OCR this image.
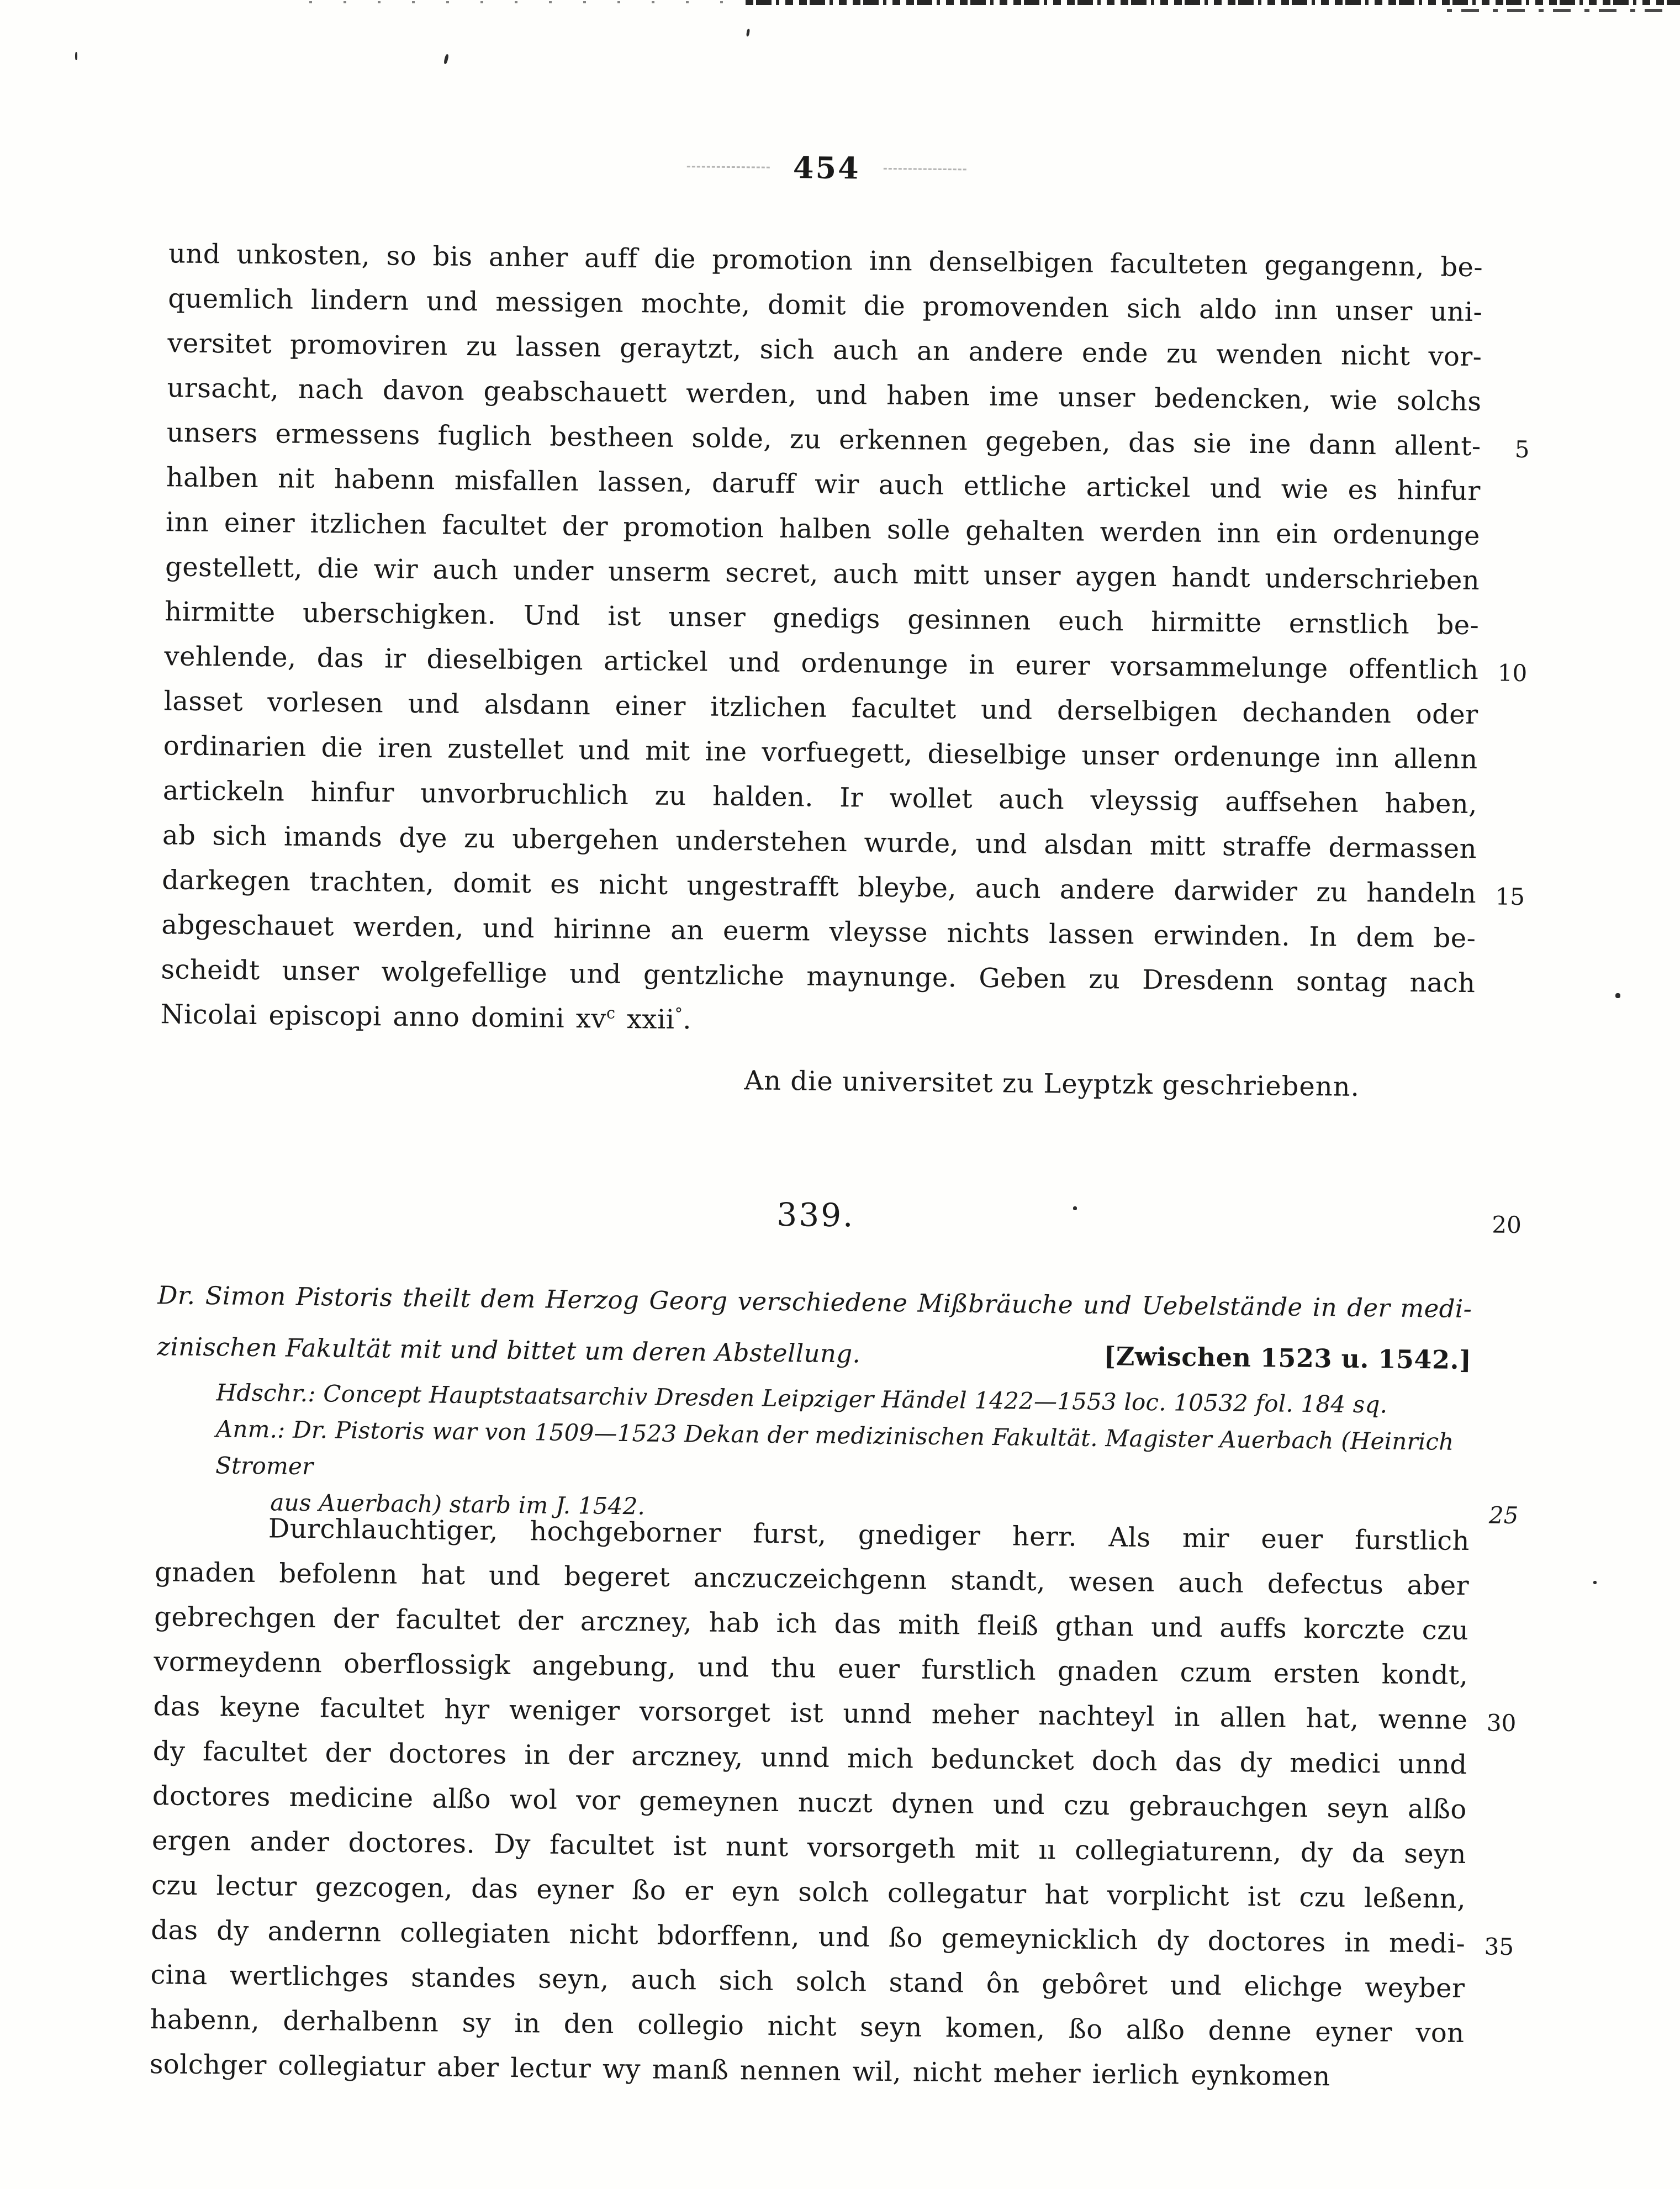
454
und unkosten, so bis anher auff die promotion inn denselbigen faculteten gegangenn, be-
quemlich lindern und messigen mochte, domit die promovenden sich aldo inn unser uni-
versitet promoviren zu lassen geraytzt, sich auch an andere ende zu wenden nicht vor-
ursacht, nach davon geabschauett werden, und haben ime unser bedencken, wie solchs
unsers ermessens fuglich bestheen solde, zu erkennen gegeben, das sie ine dann allent- 5
halben nit habenn misfallen lassen, daruff wir auch ettliche artickel und wie es hinfur
inn einer itzlichen facultet der promotion halben solle gehalten werden inn ein ordenunge
gestellett, die wir auch under unserm secret, auch mitt unser aygen handt underschrieben
hirmitte uberschigken. Und ist unser gnedigs gesinnen euch hirmitte ernstlich be-
vehlende, das ir dieselbigen artickel und ordenunge in eurer vorsammelunge offentlich 10
lasset vorlesen und alsdann einer itzlichen facultet und derselbigen dechanden oder
ordinarien die iren zustellet und mit ine vorfuegett, dieselbige unser ordenunge inn allenn
artickeln hinfur unvorbruchlich zu halden. Ir wollet auch vleyssig auffsehen haben,
ab sich imands dye zu ubergehen understehen wurde, und alsdan mitt straffe dermassen
darkegen trachten, domit es nicht ungestrafft bleybe, auch andere darwider zu handeln 15
abgeschauet werden, und hirinne an euerm vleysse nichts lassen erwinden. In dem be-
scheidt unser wolgefellige und gentzliche maynunge. Geben zu Dresdenn sontag nach
Nicolai episcopi anno domini $xv^c$ xxii°.
An die universitet zu Leyptzk geschriebenn.
339.	20
Dr. Simon Pistoris theilt dem Herzog Georg verschiedene Mißbräuche und Uebelstände in der medi-
zinischen Fakultät mit und bittet um deren Abstellung.	[Zwischen 1523 u. 1542.]
Hdschr.: Concept Hauptstaatsarchiv Dresden Leipziger Händel 1422—1553 loc. 10532 fol. 184 sq.
Anm.: Dr. Pistoris war von 1509—1523 Dekan der medizinischen Fakultät. Magister Auerbach (Heinrich Stromer
aus Auerbach) starb im J. 1542.	25
Durchlauchtiger, hochgeborner furst, gnediger herr. Als mir euer furstlich
gnaden befolenn hat und begeret anczuczeichgenn standt, wesen auch defectus aber
gebrechgen der facultet der arczney, hab ich das mith fleiß gthan und auffs korczte czu
vormeydenn oberflossigk angebung, und thu euer furstlich gnaden czum ersten kondt,
das keyne facultet hyr weniger vorsorget ist unnd meher nachteyl in allen hat, wenne 30
dy facultet der doctores in der arczney, unnd mich beduncket doch das dy medici unnd
doctores medicine alßo wol vor gemeynen nuczt dynen und czu gebrauchgen seyn alßo
ergen ander doctores. Dy facultet ist nunt vorsorgeth mit ıı collegiaturenn, dy da seyn
czu lectur gezcogen, das eyner ßo er eyn solch collegatur hat vorplicht ist czu leßenn,
das dy andernn collegiaten nicht bdorffenn, und ßo gemeynicklich dy doctores in medi- 35
cina wertlichges standes seyn, auch sich solch stand ôn gebôret und elichge weyber
habenn, derhalbenn sy in den collegio nicht seyn komen, ßo alßo denne eyner von
solchger collegiatur aber lectur wy manß nennen wil, nicht meher ierlich eynkomen
